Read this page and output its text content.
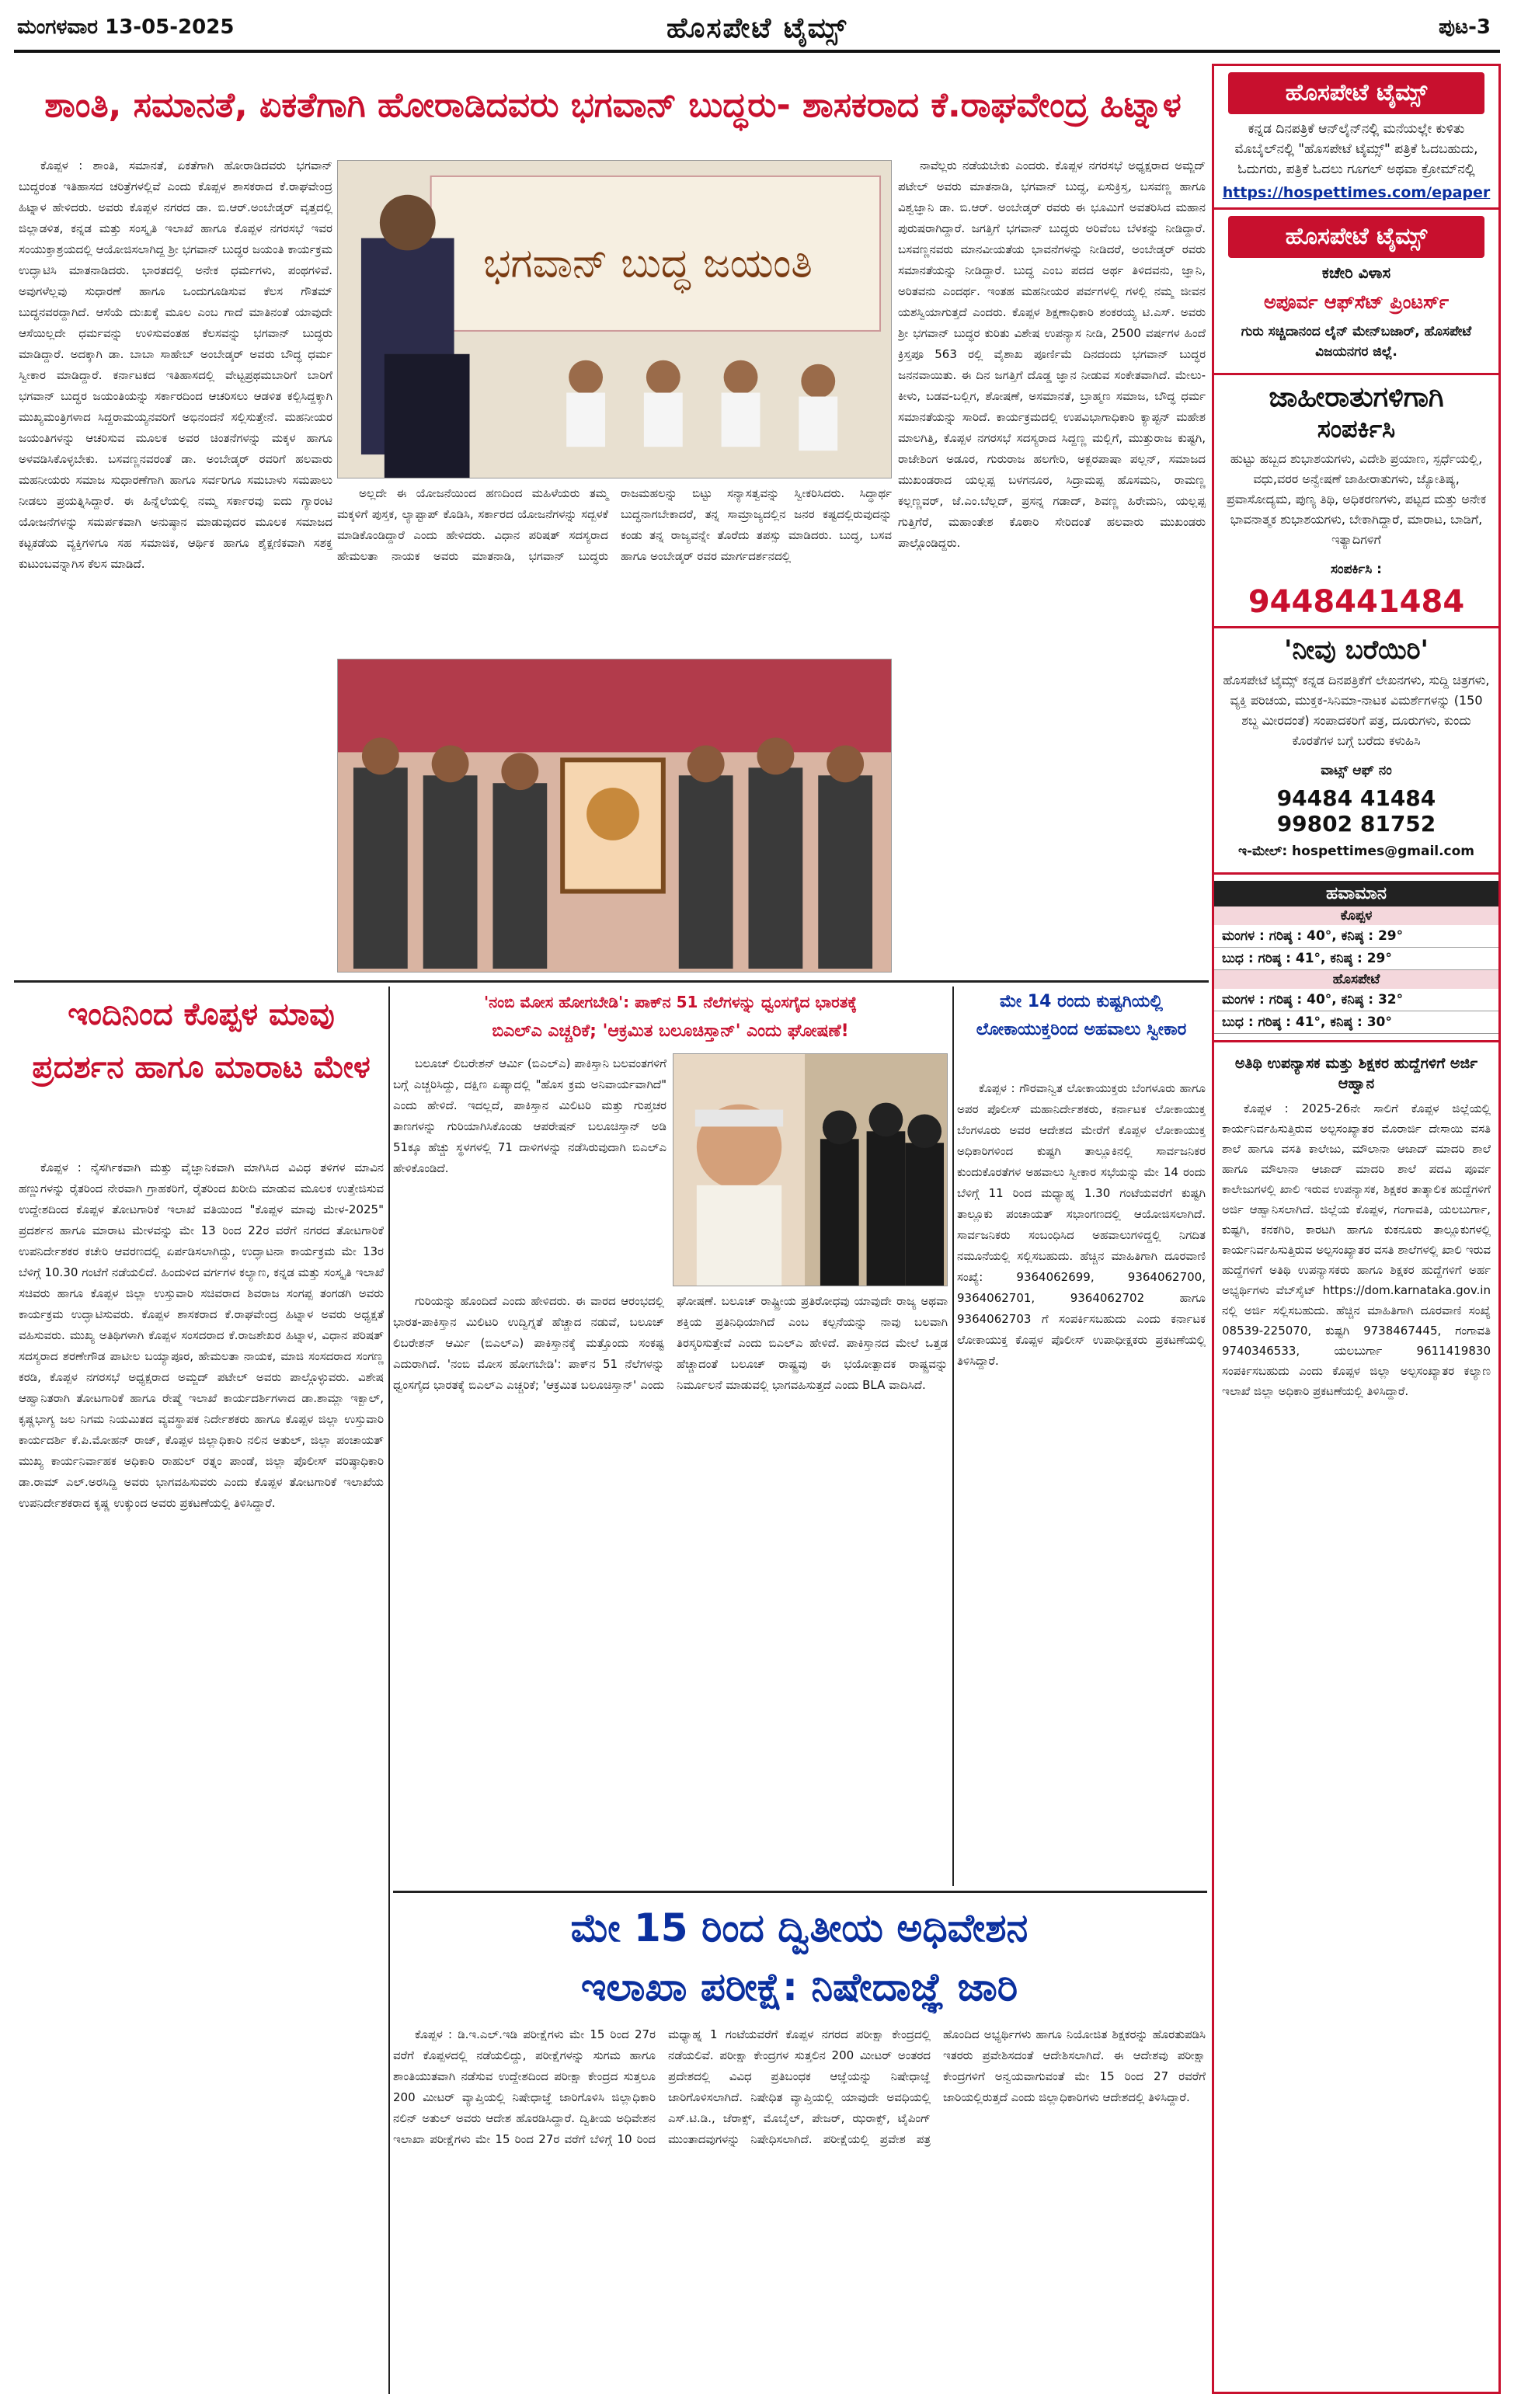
ಮಂಗಳವಾರ 13-05-2025	ಹೊಸಪೇಟೆ ಟೈಮ್ಸ್	ಪುಟ-3
ಶಾಂತಿ, ಸಮಾನತೆ, ಏಕತೆಗಾಗಿ ಹೋರಾಡಿದವರು ಭಗವಾನ್ ಬುದ್ಧರು- ಶಾಸಕರಾದ ಕೆ.ರಾಘವೇಂದ್ರ ಹಿಟ್ನಾಳ

ಕೊಪ್ಪಳ : ಶಾಂತಿ, ಸಮಾನತೆ, ಏಕತೆಗಾಗಿ ಹೋರಾಡಿದವರು ಭಗವಾನ್ ಬುದ್ಧರಂತ ಇತಿಹಾಸದ ಚರಿತ್ರೆಗಳಲ್ಲಿವೆ ಎಂದು ಕೊಪ್ಪಳ ಶಾಸಕರಾದ ಕೆ.ರಾಘವೇಂದ್ರ ಹಿಟ್ನಾಳ ಹೇಳಿದರು. ಅವರು ಕೊಪ್ಪಳ ನಗರದ ಡಾ. ಬಿ.ಆರ್.ಅಂಬೇಡ್ಕರ್ ವೃತ್ತದಲ್ಲಿ ಜಿಲ್ಲಾಡಳಿತ, ಕನ್ನಡ ಮತ್ತು ಸಂಸ್ಕೃತಿ ಇಲಾಖೆ ಹಾಗೂ ಕೊಪ್ಪಳ ನಗರಸಭೆ ಇವರ ಸಂಯುಕ್ತಾಶ್ರಯದಲ್ಲಿ ಆಯೋಜಿಸಲಾಗಿದ್ದ ಶ್ರೀ ಭಗವಾನ್ ಬುದ್ಧರ ಜಯಂತಿ ಕಾರ್ಯಕ್ರಮ ಉದ್ಘಾಟಿಸಿ ಮಾತನಾಡಿದರು. ಭಾರತದಲ್ಲಿ ಅನೇಕ ಧರ್ಮಗಳು, ಪಂಥಗಳಿವೆ. ಅವುಗಳೆಲ್ಲವು ಸುಧಾರಣೆ ಹಾಗೂ ಒಂದುಗೂಡಿಸುವ ಕೆಲಸ ಗೌತಮ್ ಬುದ್ಧನವರದ್ದಾಗಿದೆ. ಆಸೆಯೆ ದುಃಖಕ್ಕೆ ಮೂಲ ಎಂಬ ಗಾದೆ ಮಾತಿನಂತೆ ಯಾವುದೇ ಆಸೆಯಿಲ್ಲದೇ ಧರ್ಮವನ್ನು ಉಳಿಸುವಂತಹ ಕೆಲಸವನ್ನು ಭಗವಾನ್ ಬುದ್ಧರು ಮಾಡಿದ್ದಾರೆ. ಅದಕ್ಕಾಗಿ ಡಾ. ಬಾಬಾ ಸಾಹೇಬ್ ಅಂಬೇಡ್ಕರ್ ಅವರು ಬೌದ್ಧ ಧರ್ಮ ಸ್ವೀಕಾರ ಮಾಡಿದ್ದಾರೆ. ಕರ್ನಾಟಕದ ಇತಿಹಾಸದಲ್ಲಿ ವೇಟ್ಟಪ್ರಥಮಬಾರಿಗೆ ಬಾರಿಗೆ ಭಗವಾನ್ ಬುದ್ಧರ ಜಯಂತಿಯನ್ನು ಸರ್ಕಾರದಿಂದ ಆಚರಿಸಲು ಆಡಳಿತ ಕಲ್ಪಿಸಿದ್ದಕ್ಕಾಗಿ ಮುಖ್ಯಮಂತ್ರಿಗಳಾದ ಸಿದ್ದರಾಮಯ್ಯನವರಿಗೆ ಅಭಿನಂದನೆ ಸಲ್ಲಿಸುತ್ತೇನೆ. ಮಹನೀಯರ ಜಯಂತಿಗಳನ್ನು ಆಚರಿಸುವ ಮೂಲಕ ಅವರ ಚಿಂತನೆಗಳನ್ನು ಮಕ್ಕಳ ಹಾಗೂ ಅಳವಡಿಸಿಕೊಳ್ಳಬೇಕು. ಬಸವಣ್ಣನವರಂತೆ ಡಾ. ಅಂಬೇಡ್ಕರ್ ರವರಿಗೆ ಹಲವಾರು ಮಹನೀಯರು ಸಮಾಜ ಸುಧಾರಣೆಗಾಗಿ ಹಾಗೂ ಸರ್ವರಿಗೂ ಸಮಬಾಳು ಸಮಪಾಲು ನೀಡಲು ಪ್ರಯತ್ನಿಸಿದ್ದಾರೆ. ಈ ಹಿನ್ನೆಲೆಯಲ್ಲಿ ನಮ್ಮ ಸರ್ಕಾರವು ಐದು ಗ್ಯಾರಂಟಿ ಯೋಜನೆಗಳನ್ನು ಸಮರ್ಪಕವಾಗಿ ಅನುಷ್ಠಾನ ಮಾಡುವುದರ ಮೂಲಕ ಸಮಾಜದ ಕಟ್ಟಕಡೆಯ ವ್ಯಕ್ತಿಗಳಿಗೂ ಸಹ ಸಮಾಜಿಕ, ಆರ್ಥಿಕ ಹಾಗೂ ಶೈಕ್ಷಣಿಕವಾಗಿ ಸಶಕ್ತ ಕುಟುಂಬವನ್ನಾಗಿಸ ಕೆಲಸ ಮಾಡಿದೆ.

ಭಗವಾನ್ ಬುದ್ಧ ಜಯಂತಿ

ಅಲ್ಲದೇ ಈ ಯೋಜನೆಯಿಂದ ಹಣದಿಂದ ಮಹಿಳೆಯರು ತಮ್ಮ ಮಕ್ಕಳಿಗೆ ಪುಸ್ತಕ, ಲ್ಯಾಪ್ಟಾಪ್ ಕೊಡಿಸಿ, ಸರ್ಕಾರದ ಯೋಜನೆಗಳನ್ನು ಸದ್ಬಳಕೆ ಮಾಡಿಕೊಂಡಿದ್ದಾರೆ ಎಂದು ಹೇಳಿದರು. ವಿಧಾನ ಪರಿಷತ್ ಸದಸ್ಯರಾದ ಹೇಮಲತಾ ನಾಯಕ ಅವರು ಮಾತನಾಡಿ, ಭಗವಾನ್ ಬುದ್ಧರು ರಾಜಮಹಲನ್ನು ಬಿಟ್ಟು ಸನ್ಯಾಸತ್ವವನ್ನು ಸ್ವೀಕರಿಸಿದರು. ಸಿದ್ಧಾರ್ಥ ಬುದ್ಧನಾಗಬೇಕಾದರೆ, ತನ್ನ ಸಾಮ್ರಾಜ್ಯದಲ್ಲಿನ ಜನರ ಕಷ್ಟದಲ್ಲಿರುವುದನ್ನು ಕಂಡು ತನ್ನ ರಾಜ್ಯವನ್ನೇ ತೊರೆದು ತಪಸ್ಸು ಮಾಡಿದರು. ಬುದ್ಧ, ಬಸವ ಹಾಗೂ ಅಂಬೇಡ್ಕರ್ ರವರ ಮಾರ್ಗದರ್ಶನದಲ್ಲಿ

ನಾವೆಲ್ಲರು ನಡೆಯಬೇಕು ಎಂದರು. ಕೊಪ್ಪಳ ನಗರಸಭೆ ಅಧ್ಯಕ್ಷರಾದ ಅಮ್ಜದ್ ಪಟೇಲ್ ಅವರು ಮಾತನಾಡಿ, ಭಗವಾನ್ ಬುದ್ಧ, ಏಸುಕ್ರಿಸ್ತ, ಬಸವಣ್ಣ ಹಾಗೂ ವಿಶ್ವಜ್ಞಾನಿ ಡಾ. ಬಿ.ಆರ್. ಅಂಬೇಡ್ಕರ್ ರವರು ಈ ಭೂಮಿಗೆ ಅವತರಿಸಿದ ಮಹಾನ ಪುರುಷರಾಗಿದ್ದಾರೆ. ಜಗತ್ತಿಗೆ ಭಗವಾನ್ ಬುದ್ಧರು ಅರಿವೆಂಬ ಬೆಳಕನ್ನು ನೀಡಿದ್ದಾರೆ. ಬಸವಣ್ಣನವರು ಮಾನವೀಯತೆಯ ಭಾವನೆಗಳನ್ನು ನೀಡಿದರೆ, ಅಂಬೇಡ್ಕರ್ ರವರು ಸಮಾನತೆಯನ್ನು ನೀಡಿದ್ದಾರೆ. ಬುದ್ಧ ಎಂಬ ಪದದ ಅರ್ಥ ತಿಳಿದವನು, ಜ್ಞಾನಿ, ಅರಿತವನು ಎಂದರ್ಥ. ಇಂತಹ ಮಹನೀಯರ ಪರ್ವಗಳಲ್ಲಿ ಗಳಲ್ಲಿ ನಮ್ಮ ಜೀವನ ಯಶಸ್ವಿಯಾಗುತ್ತದೆ ಎಂದರು. ಕೊಪ್ಪಳ ಶಿಕ್ಷಣಾಧಿಕಾರಿ ಶಂಕರಯ್ಯ ಟಿ.ಎಸ್. ಅವರು ಶ್ರೀ ಭಗವಾನ್ ಬುದ್ಧರ ಕುರಿತು ವಿಶೇಷ ಉಪನ್ಯಾಸ ನೀಡಿ, 2500 ವರ್ಷಗಳ ಹಿಂದೆ ಕ್ರಿಸ್ತಪೂ 563 ರಲ್ಲಿ ವೈಶಾಖ ಪೂರ್ಣಿಮೆ ದಿನದಂದು ಭಗವಾನ್ ಬುದ್ಧರ ಜನನವಾಯಿತು. ಈ ದಿನ ಜಗತ್ತಿಗೆ ದೊಡ್ಡ ಜ್ಞಾನ ನೀಡುವ ಸಂಕೇತವಾಗಿದೆ. ಮೇಲು-ಕೀಳು, ಬಡವ-ಬಲ್ಲಿಗ, ಶೋಷಣೆ, ಅಸಮಾನತೆ, ಬ್ರಾಹ್ಮಣ ಸಮಾಜ, ಬೌದ್ಧ ಧರ್ಮ ಸಮಾನತೆಯನ್ನು ಸಾರಿದೆ. ಕಾರ್ಯಕ್ರಮದಲ್ಲಿ ಉಪವಿಭಾಗಾಧಿಕಾರಿ ಕ್ಯಾಪ್ಟನ್ ಮಹೇಶ ಮಾಲಗಿತ್ತಿ, ಕೊಪ್ಪಳ ನಗರಸಭೆ ಸದಸ್ಯರಾದ ಸಿದ್ದಣ್ಣ ಮಲ್ಲಿಗೆ, ಮುತ್ತುರಾಜ ಕುಷ್ಟಗಿ, ರಾಜೇಶಿಂಗ ಅಡೂರ, ಗುರುರಾಜ ಹಲಗೇರಿ, ಅಕ್ಬರಪಾಷಾ ಪಲ್ಲನ್, ಸಮಾಜದ ಮುಖಂಡರಾದ ಯಲ್ಲಪ್ಪ ಬಳಗನೂರ, ಸಿದ್ರಾಮಪ್ಪ ಹೊಸಮನಿ, ರಾಮಣ್ಣ ಕಲ್ಲಣ್ಣವರ್, ಜೆ.ಎಂ.ಬೆಲ್ಲದ್, ಪ್ರಸನ್ನ ಗಡಾದ್, ಶಿವಣ್ಣ ಹಿರೇಮನಿ, ಯಲ್ಲಪ್ಪ ಗುತ್ತಿಗೆರೆ, ಮಹಾಂತೇಶ ಕೊಠಾರಿ ಸೇರಿದಂತೆ ಹಲವಾರು ಮುಖಂಡರು ಪಾಲ್ಗೊಂಡಿದ್ದರು.

ಇಂದಿನಿಂದ ಕೊಪ್ಪಳ ಮಾವು ಪ್ರದರ್ಶನ ಹಾಗೂ ಮಾರಾಟ ಮೇಳ

ಕೊಪ್ಪಳ : ನೈಸರ್ಗಿಕವಾಗಿ ಮತ್ತು ವೈಜ್ಞಾನಿಕವಾಗಿ ಮಾಗಿಸಿದ ವಿವಿಧ ತಳಿಗಳ ಮಾವಿನ ಹಣ್ಣುಗಳನ್ನು ರೈತರಿಂದ ನೇರವಾಗಿ ಗ್ರಾಹಕರಿಗೆ, ರೈತರಿಂದ ಖರೀದಿ ಮಾಡುವ ಮೂಲಕ ಉತ್ತೇಜಿಸುವ ಉದ್ದೇಶದಿಂದ ಕೊಪ್ಪಳ ತೋಟಗಾರಿಕೆ ಇಲಾಖೆ ವತಿಯಿಂದ "ಕೊಪ್ಪಳ ಮಾವು ಮೇಳ-2025" ಪ್ರದರ್ಶನ ಹಾಗೂ ಮಾರಾಟ ಮೇಳವನ್ನು ಮೇ 13 ರಿಂದ 22ರ ವರೆಗೆ ನಗರದ ತೋಟಗಾರಿಕೆ ಉಪನಿರ್ದೇಶಕರ ಕಚೇರಿ ಆವರಣದಲ್ಲಿ ಏರ್ಪಡಿಸಲಾಗಿದ್ದು, ಉದ್ಘಾಟನಾ ಕಾರ್ಯಕ್ರಮ ಮೇ 13ರ ಬೆಳಿಗ್ಗೆ 10.30 ಗಂಟೆಗೆ ನಡೆಯಲಿದೆ. ಹಿಂದುಳಿದ ವರ್ಗಗಳ ಕಲ್ಯಾಣ, ಕನ್ನಡ ಮತ್ತು ಸಂಸ್ಕೃತಿ ಇಲಾಖೆ ಸಚಿವರು ಹಾಗೂ ಕೊಪ್ಪಳ ಜಿಲ್ಲಾ ಉಸ್ತುವಾರಿ ಸಚಿವರಾದ ಶಿವರಾಜ ಸಂಗಪ್ಪ ತಂಗಡಗಿ ಅವರು ಕಾರ್ಯಕ್ರಮ ಉದ್ಘಾಟಿಸುವರು. ಕೊಪ್ಪಳ ಶಾಸಕರಾದ ಕೆ.ರಾಘವೇಂದ್ರ ಹಿಟ್ನಾಳ ಅವರು ಅಧ್ಯಕ್ಷತೆ ವಹಿಸುವರು. ಮುಖ್ಯ ಅತಿಥಿಗಳಾಗಿ ಕೊಪ್ಪಳ ಸಂಸದರಾದ ಕೆ.ರಾಜಶೇಖರ ಹಿಟ್ನಾಳ, ವಿಧಾನ ಪರಿಷತ್ ಸದಸ್ಯರಾದ ಶರಣೇಗೌಡ ಪಾಟೀಲ ಬಯ್ಯಾಪೂರ, ಹೇಮಲತಾ ನಾಯಕ, ಮಾಜಿ ಸಂಸದರಾದ ಸಂಗಣ್ಣ ಕರಡಿ, ಕೊಪ್ಪಳ ನಗರಸಭೆ ಅಧ್ಯಕ್ಷರಾದ ಅಮ್ಜದ್ ಪಟೇಲ್ ಅವರು ಪಾಲ್ಗೊಳ್ಳುವರು. ವಿಶೇಷ ಆಹ್ವಾನಿತರಾಗಿ ತೋಟಗಾರಿಕೆ ಹಾಗೂ ರೇಷ್ಮೆ ಇಲಾಖೆ ಕಾರ್ಯದರ್ಶಿಗಳಾದ ಡಾ.ಶಾಮ್ಲಾ ಇಕ್ಬಾಲ್, ಕೃಷ್ಣಭಾಗ್ಯ ಜಲ ನಿಗಮ ನಿಯಮಿತದ ವ್ಯವಸ್ಥಾಪಕ ನಿರ್ದೇಶಕರು ಹಾಗೂ ಕೊಪ್ಪಳ ಜಿಲ್ಲಾ ಉಸ್ತುವಾರಿ ಕಾರ್ಯದರ್ಶಿ ಕೆ.ಪಿ.ಮೋಹನ್ ರಾಜ್, ಕೊಪ್ಪಳ ಜಿಲ್ಲಾಧಿಕಾರಿ ನಲಿನ ಅತುಲ್, ಜಿಲ್ಲಾ ಪಂಚಾಯತ್ ಮುಖ್ಯ ಕಾರ್ಯನಿರ್ವಾಹಕ ಅಧಿಕಾರಿ ರಾಹುಲ್ ರತ್ನಂ ಪಾಂಡೆ, ಜಿಲ್ಲಾ ಪೊಲೀಸ್ ವರಿಷ್ಠಾಧಿಕಾರಿ ಡಾ.ರಾಮ್ ಎಲ್.ಅರಸಿದ್ದಿ ಅವರು ಭಾಗವಹಿಸುವರು ಎಂದು ಕೊಪ್ಪಳ ತೋಟಗಾರಿಕೆ ಇಲಾಖೆಯ ಉಪನಿರ್ದೇಶಕರಾದ ಕೃಷ್ಣ ಉಕ್ಕುಂದ ಅವರು ಪ್ರಕಟಣೆಯಲ್ಲಿ ತಿಳಿಸಿದ್ದಾರೆ.

'ನಂಬಿ ಮೋಸ ಹೋಗಬೇಡಿ': ಪಾಕ್‌ನ 51 ನೆಲೆಗಳನ್ನು ಧ್ವಂಸಗೈದ ಭಾರತಕ್ಕೆ
ಬಿಎಲ್ಎ ಎಚ್ಚರಿಕೆ; 'ಆಕ್ರಮಿತ ಬಲೂಚಿಸ್ತಾನ್' ಎಂದು ಘೋಷಣೆ!

ಬಲೂಚ್ ಲಿಬರೇಶನ್ ಆರ್ಮಿ (ಬಿಎಲ್ಎ) ಪಾಕಿಸ್ತಾನಿ ಬಲವಂತಗಳಿಗೆ ಬಗ್ಗೆ ಎಚ್ಚರಿಸಿದ್ದು, ದಕ್ಷಿಣ ಏಷ್ಯಾದಲ್ಲಿ "ಹೊಸ ಕ್ರಮ ಅನಿವಾರ್ಯವಾಗಿದೆ" ಎಂದು ಹೇಳಿದೆ. ಇದಲ್ಲದೆ, ಪಾಕಿಸ್ತಾನ ಮಿಲಿಟರಿ ಮತ್ತು ಗುಪ್ತಚರ ತಾಣಗಳನ್ನು ಗುರಿಯಾಗಿಸಿಕೊಂಡು ಆಪರೇಷನ್ ಬಲೂಚಿಸ್ತಾನ್ ಅಡಿ 51ಕ್ಕೂ ಹೆಚ್ಚು ಸ್ಥಳಗಳಲ್ಲಿ 71 ದಾಳಿಗಳನ್ನು ನಡೆಸಿರುವುದಾಗಿ ಬಿಎಲ್ಎ ಹೇಳಿಕೊಂಡಿದೆ.

ಗುರಿಯನ್ನು ಹೊಂದಿದೆ ಎಂದು ಹೇಳಿದರು. ಈ ವಾರದ ಆರಂಭದಲ್ಲಿ ಭಾರತ-ಪಾಕಿಸ್ತಾನ ಮಿಲಿಟರಿ ಉದ್ವಿಗ್ನತೆ ಹೆಚ್ಚಾದ ನಡುವೆ, ಬಲೂಚ್ ಲಿಬರೇಶನ್ ಆರ್ಮಿ (ಬಿಎಲ್ಎ) ಪಾಕಿಸ್ತಾನಕ್ಕೆ ಮತ್ತೊಂದು ಸಂಕಷ್ಟ ಎದುರಾಗಿದೆ. 'ನಂಬಿ ಮೋಸ ಹೋಗಬೇಡಿ': ಪಾಕ್‌ನ 51 ನೆಲೆಗಳನ್ನು ಧ್ವಂಸಗೈದ ಭಾರತಕ್ಕೆ ಬಿಎಲ್ಎ ಎಚ್ಚರಿಕೆ; 'ಆಕ್ರಮಿತ ಬಲೂಚಿಸ್ತಾನ್' ಎಂದು ಘೋಷಣೆ. ಬಲೂಚ್ ರಾಷ್ಟ್ರೀಯ ಪ್ರತಿರೋಧವು ಯಾವುದೇ ರಾಜ್ಯ ಅಥವಾ ಶಕ್ತಿಯ ಪ್ರತಿನಿಧಿಯಾಗಿದೆ ಎಂಬ ಕಲ್ಪನೆಯನ್ನು ನಾವು ಬಲವಾಗಿ ತಿರಸ್ಕರಿಸುತ್ತೇವೆ ಎಂದು ಬಿಎಲ್ಎ ಹೇಳಿದೆ. ಪಾಕಿಸ್ತಾನದ ಮೇಲೆ ಒತ್ತಡ ಹೆಚ್ಚಾದಂತೆ ಬಲೂಚ್ ರಾಷ್ಟ್ರವು ಈ ಭಯೋತ್ಪಾದಕ ರಾಷ್ಟ್ರವನ್ನು ನಿರ್ಮೂಲನೆ ಮಾಡುವಲ್ಲಿ ಭಾಗವಹಿಸುತ್ತದೆ ಎಂದು BLA ವಾದಿಸಿದೆ.

ಮೇ 14 ರಂದು ಕುಷ್ಟಗಿಯಲ್ಲಿ ಲೋಕಾಯುಕ್ತರಿಂದ ಅಹವಾಲು ಸ್ವೀಕಾರ

ಕೊಪ್ಪಳ : ಗೌರವಾನ್ವಿತ ಲೋಕಾಯುಕ್ತರು ಬೆಂಗಳೂರು ಹಾಗೂ ಅಪರ ಪೊಲೀಸ್ ಮಹಾನಿರ್ದೇಶಕರು, ಕರ್ನಾಟಕ ಲೋಕಾಯುಕ್ತ ಬೆಂಗಳೂರು ಅವರ ಆದೇಶದ ಮೇರೆಗೆ ಕೊಪ್ಪಳ ಲೋಕಾಯುಕ್ತ ಅಧಿಕಾರಿಗಳಿಂದ ಕುಷ್ಟಗಿ ತಾಲ್ಲೂಕಿನಲ್ಲಿ ಸಾರ್ವಜನಿಕರ ಕುಂದುಕೊರತೆಗಳ ಅಹವಾಲು ಸ್ವೀಕಾರ ಸಭೆಯನ್ನು ಮೇ 14 ರಂದು ಬೆಳಿಗ್ಗೆ 11 ರಿಂದ ಮಧ್ಯಾಹ್ನ 1.30 ಗಂಟೆಯವರೆಗೆ ಕುಷ್ಟಗಿ ತಾಲ್ಲೂಕು ಪಂಚಾಯತ್ ಸಭಾಂಗಣದಲ್ಲಿ ಆಯೋಜಿಸಲಾಗಿದೆ. ಸಾರ್ವಜನಿಕರು ಸಂಬಂಧಿಸಿದ ಅಹವಾಲುಗಳಿದ್ದಲ್ಲಿ ನಿಗದಿತ ನಮೂನೆಯಲ್ಲಿ ಸಲ್ಲಿಸಬಹುದು. ಹೆಚ್ಚಿನ ಮಾಹಿತಿಗಾಗಿ ದೂರವಾಣಿ ಸಂಖ್ಯೆ: 9364062699, 9364062700, 9364062701, 9364062702 ಹಾಗೂ 9364062703 ಗೆ ಸಂಪರ್ಕಿಸಬಹುದು ಎಂದು ಕರ್ನಾಟಕ ಲೋಕಾಯುಕ್ತ ಕೊಪ್ಪಳ ಪೊಲೀಸ್ ಉಪಾಧೀಕ್ಷಕರು ಪ್ರಕಟಣೆಯಲ್ಲಿ ತಿಳಿಸಿದ್ದಾರೆ.

ಮೇ 15 ರಿಂದ ದ್ವಿತೀಯ ಅಧಿವೇಶನ
ಇಲಾಖಾ ಪರೀಕ್ಷೆ: ನಿಷೇದಾಜ್ಞೆ ಜಾರಿ

ಕೊಪ್ಪಳ : ಡಿ.ಇ.ಎಲ್.ಇಡಿ ಪರೀಕ್ಷೆಗಳು ಮೇ 15 ರಿಂದ 27ರ ವರೆಗೆ ಕೊಪ್ಪಳದಲ್ಲಿ ನಡೆಯಲಿದ್ದು, ಪರೀಕ್ಷೆಗಳನ್ನು ಸುಗಮ ಹಾಗೂ ಶಾಂತಿಯುತವಾಗಿ ನಡೆಸುವ ಉದ್ದೇಶದಿಂದ ಪರೀಕ್ಷಾ ಕೇಂದ್ರದ ಸುತ್ತಲೂ 200 ಮೀಟರ್ ವ್ಯಾಪ್ತಿಯಲ್ಲಿ ನಿಷೇಧಾಜ್ಞೆ ಜಾರಿಗೊಳಿಸಿ ಜಿಲ್ಲಾಧಿಕಾರಿ ನಲಿನ್ ಅತುಲ್ ಅವರು ಆದೇಶ ಹೊರಡಿಸಿದ್ದಾರೆ. ದ್ವಿತೀಯ ಅಧಿವೇಶನ ಇಲಾಖಾ ಪರೀಕ್ಷೆಗಳು ಮೇ 15 ರಿಂದ 27ರ ವರೆಗೆ ಬೆಳಿಗ್ಗೆ 10 ರಿಂದ ಮಧ್ಯಾಹ್ನ 1 ಗಂಟೆಯವರೆಗೆ ಕೊಪ್ಪಳ ನಗರದ ಪರೀಕ್ಷಾ ಕೇಂದ್ರದಲ್ಲಿ ನಡೆಯಲಿವೆ. ಪರೀಕ್ಷಾ ಕೇಂದ್ರಗಳ ಸುತ್ತಲಿನ 200 ಮೀಟರ್ ಅಂತರದ ಪ್ರದೇಶದಲ್ಲಿ ವಿವಿಧ ಪ್ರತಿಬಂಧಕ ಆಜ್ಞೆಯನ್ನು ನಿಷೇಧಾಜ್ಞೆ ಜಾರಿಗೊಳಿಸಲಾಗಿದೆ. ನಿಷೇಧಿತ ವ್ಯಾಪ್ತಿಯಲ್ಲಿ ಯಾವುದೇ ಅವಧಿಯಲ್ಲಿ ಎಸ್.ಟಿ.ಡಿ., ಜೆರಾಕ್ಸ್, ಮೊಬೈಲ್, ಪೇಜರ್, ಝರಾಕ್ಸ್, ಟೈಪಿಂಗ್ ಮುಂತಾದವುಗಳನ್ನು ನಿಷೇಧಿಸಲಾಗಿದೆ. ಪರೀಕ್ಷೆಯಲ್ಲಿ ಪ್ರವೇಶ ಪತ್ರ ಹೊಂದಿದ ಅಭ್ಯರ್ಥಿಗಳು ಹಾಗೂ ನಿಯೋಜಿತ ಶಿಕ್ಷಕರನ್ನು ಹೊರತುಪಡಿಸಿ ಇತರರು ಪ್ರವೇಶಿಸದಂತೆ ಆದೇಶಿಸಲಾಗಿದೆ. ಈ ಆದೇಶವು ಪರೀಕ್ಷಾ ಕೇಂದ್ರಗಳಿಗೆ ಅನ್ವಯವಾಗುವಂತೆ ಮೇ 15 ರಿಂದ 27 ರವರೆಗೆ ಜಾರಿಯಲ್ಲಿರುತ್ತದೆ ಎಂದು ಜಿಲ್ಲಾಧಿಕಾರಿಗಳು ಆದೇಶದಲ್ಲಿ ತಿಳಿಸಿದ್ದಾರೆ.

ಹೊಸಪೇಟೆ ಟೈಮ್ಸ್
ಕನ್ನಡ ದಿನಪತ್ರಿಕೆ ಆನ್‌ಲೈನ್‌ನಲ್ಲಿ ಮನೆಯಲ್ಲೇ ಕುಳಿತು ಮೊಬೈಲ್‌ನಲ್ಲಿ "ಹೊಸಪೇಟೆ ಟೈಮ್ಸ್" ಪತ್ರಿಕೆ ಓದಬಹುದು, ಓದುಗರು, ಪತ್ರಿಕೆ ಓದಲು ಗೂಗಲ್ ಅಥವಾ ಕ್ರೋಮ್‌ನಲ್ಲಿ
https://hospettimes.com/epaper
ಹೊಸಪೇಟೆ ಟೈಮ್ಸ್
ಕಚೇರಿ ವಿಳಾಸ
ಅಪೂರ್ವ ಆಫ್‌ಸೆಟ್ ಪ್ರಿಂಟರ್ಸ್
ಗುರು ಸಚ್ಚಿದಾನಂದ ಲೈನ್ ಮೇನ್‌ಬಜಾರ್, ಹೊಸಪೇಟೆ ವಿಜಯನಗರ ಜಿಲ್ಲೆ.
ಜಾಹೀರಾತುಗಳಿಗಾಗಿ
ಸಂಪರ್ಕಿಸಿ
ಹುಟ್ಟು ಹಬ್ಬದ ಶುಭಾಶಯಗಳು, ವಿದೇಶಿ ಪ್ರಯಾಣ, ಸ್ಪರ್ಧೆಯಲ್ಲಿ, ವಧು,ವರರ ಅನ್ವೇಷಣೆ ಜಾಹೀರಾತುಗಳು, ಜ್ಯೋತಿಷ್ಯ, ಪ್ರವಾಸೋದ್ಯಮ, ಪುಣ್ಯ ತಿಥಿ, ಅಧಿಕರಣಗಳು, ಪಟ್ಟದ ಮತ್ತು ಅನೇಕ ಭಾವನಾತ್ಮಕ ಶುಭಾಶಯಗಳು, ಬೇಕಾಗಿದ್ದಾರೆ, ಮಾರಾಟ, ಬಾಡಿಗೆ, ಇತ್ಯಾದಿಗಳಿಗೆ
ಸಂಪರ್ಕಿಸಿ :
9448441484
'ನೀವು ಬರೆಯಿರಿ'
ಹೊಸಪೇಟೆ ಟೈಮ್ಸ್ ಕನ್ನಡ ದಿನಪತ್ರಿಕೆಗೆ ಲೇಖನಗಳು, ಸುದ್ದಿ ಚಿತ್ರಗಳು, ವ್ಯಕ್ತಿ ಪರಿಚಯ, ಮುಕ್ತಕ-ಸಿನಿಮಾ-ನಾಟಕ ವಿಮರ್ಶೆಗಳನ್ನು (150 ಶಬ್ದ ಮೀರದಂತೆ) ಸಂಪಾದಕರಿಗೆ ಪತ್ರ, ದೂರುಗಳು, ಕುಂದು ಕೊರತೆಗಳ ಬಗ್ಗೆ ಬರೆದು ಕಳುಹಿಸಿ
ವಾಟ್ಸ್ ಆಫ್ ನಂ
94484 41484
99802 81752
ಇ-ಮೇಲ್: hospettimes@gmail.com
ಹವಾಮಾನ
ಕೊಪ್ಪಳ
ಮಂಗಳ : ಗರಿಷ್ಠ : 40°, ಕನಿಷ್ಠ : 29°
ಬುಧ : ಗರಿಷ್ಠ : 41°, ಕನಿಷ್ಠ : 29°
ಹೊಸಪೇಟೆ
ಮಂಗಳ : ಗರಿಷ್ಠ : 40°, ಕನಿಷ್ಠ : 32°
ಬುಧ : ಗರಿಷ್ಠ : 41°, ಕನಿಷ್ಠ : 30°
ಅತಿಥಿ ಉಪನ್ಯಾಸಕ ಮತ್ತು ಶಿಕ್ಷಕರ ಹುದ್ದೆಗಳಿಗೆ ಅರ್ಜಿ ಆಹ್ವಾನ

ಕೊಪ್ಪಳ : 2025-26ನೇ ಸಾಲಿಗೆ ಕೊಪ್ಪಳ ಜಿಲ್ಲೆಯಲ್ಲಿ ಕಾರ್ಯನಿರ್ವಹಿಸುತ್ತಿರುವ ಅಲ್ಪಸಂಖ್ಯಾತರ ಮೊರಾರ್ಜಿ ದೇಸಾಯಿ ವಸತಿ ಶಾಲೆ ಹಾಗೂ ವಸತಿ ಕಾಲೇಜು, ಮೌಲಾನಾ ಆಜಾದ್ ಮಾದರಿ ಶಾಲೆ ಹಾಗೂ ಮೌಲಾನಾ ಆಜಾದ್ ಮಾದರಿ ಶಾಲೆ ಪದವಿ ಪೂರ್ವ ಕಾಲೇಜುಗಳಲ್ಲಿ ಖಾಲಿ ಇರುವ ಉಪನ್ಯಾಸಕ, ಶಿಕ್ಷಕರ ತಾತ್ಕಾಲಿಕ ಹುದ್ದೆಗಳಿಗೆ ಅರ್ಜಿ ಆಹ್ವಾನಿಸಲಾಗಿದೆ. ಜಿಲ್ಲೆಯ ಕೊಪ್ಪಳ, ಗಂಗಾವತಿ, ಯಲಬುರ್ಗಾ, ಕುಷ್ಟಗಿ, ಕನಕಗಿರಿ, ಕಾರಟಗಿ ಹಾಗೂ ಕುಕನೂರು ತಾಲ್ಲೂಕುಗಳಲ್ಲಿ ಕಾರ್ಯನಿರ್ವಹಿಸುತ್ತಿರುವ ಅಲ್ಪಸಂಖ್ಯಾತರ ವಸತಿ ಶಾಲೆಗಳಲ್ಲಿ ಖಾಲಿ ಇರುವ ಹುದ್ದೆಗಳಿಗೆ ಅತಿಥಿ ಉಪನ್ಯಾಸಕರು ಹಾಗೂ ಶಿಕ್ಷಕರ ಹುದ್ದೆಗಳಿಗೆ ಅರ್ಹ ಅಭ್ಯರ್ಥಿಗಳು ವೆಬ್‌ಸೈಟ್ https://dom.karnataka.gov.in ನಲ್ಲಿ ಅರ್ಜಿ ಸಲ್ಲಿಸಬಹುದು. ಹೆಚ್ಚಿನ ಮಾಹಿತಿಗಾಗಿ ದೂರವಾಣಿ ಸಂಖ್ಯೆ 08539-225070, ಕುಷ್ಟಗಿ 9738467445, ಗಂಗಾವತಿ 9740346533, ಯಲಬುರ್ಗಾ 9611419830 ಸಂಪರ್ಕಿಸಬಹುದು ಎಂದು ಕೊಪ್ಪಳ ಜಿಲ್ಲಾ ಅಲ್ಪಸಂಖ್ಯಾತರ ಕಲ್ಯಾಣ ಇಲಾಖೆ ಜಿಲ್ಲಾ ಅಧಿಕಾರಿ ಪ್ರಕಟಣೆಯಲ್ಲಿ ತಿಳಿಸಿದ್ದಾರೆ.
